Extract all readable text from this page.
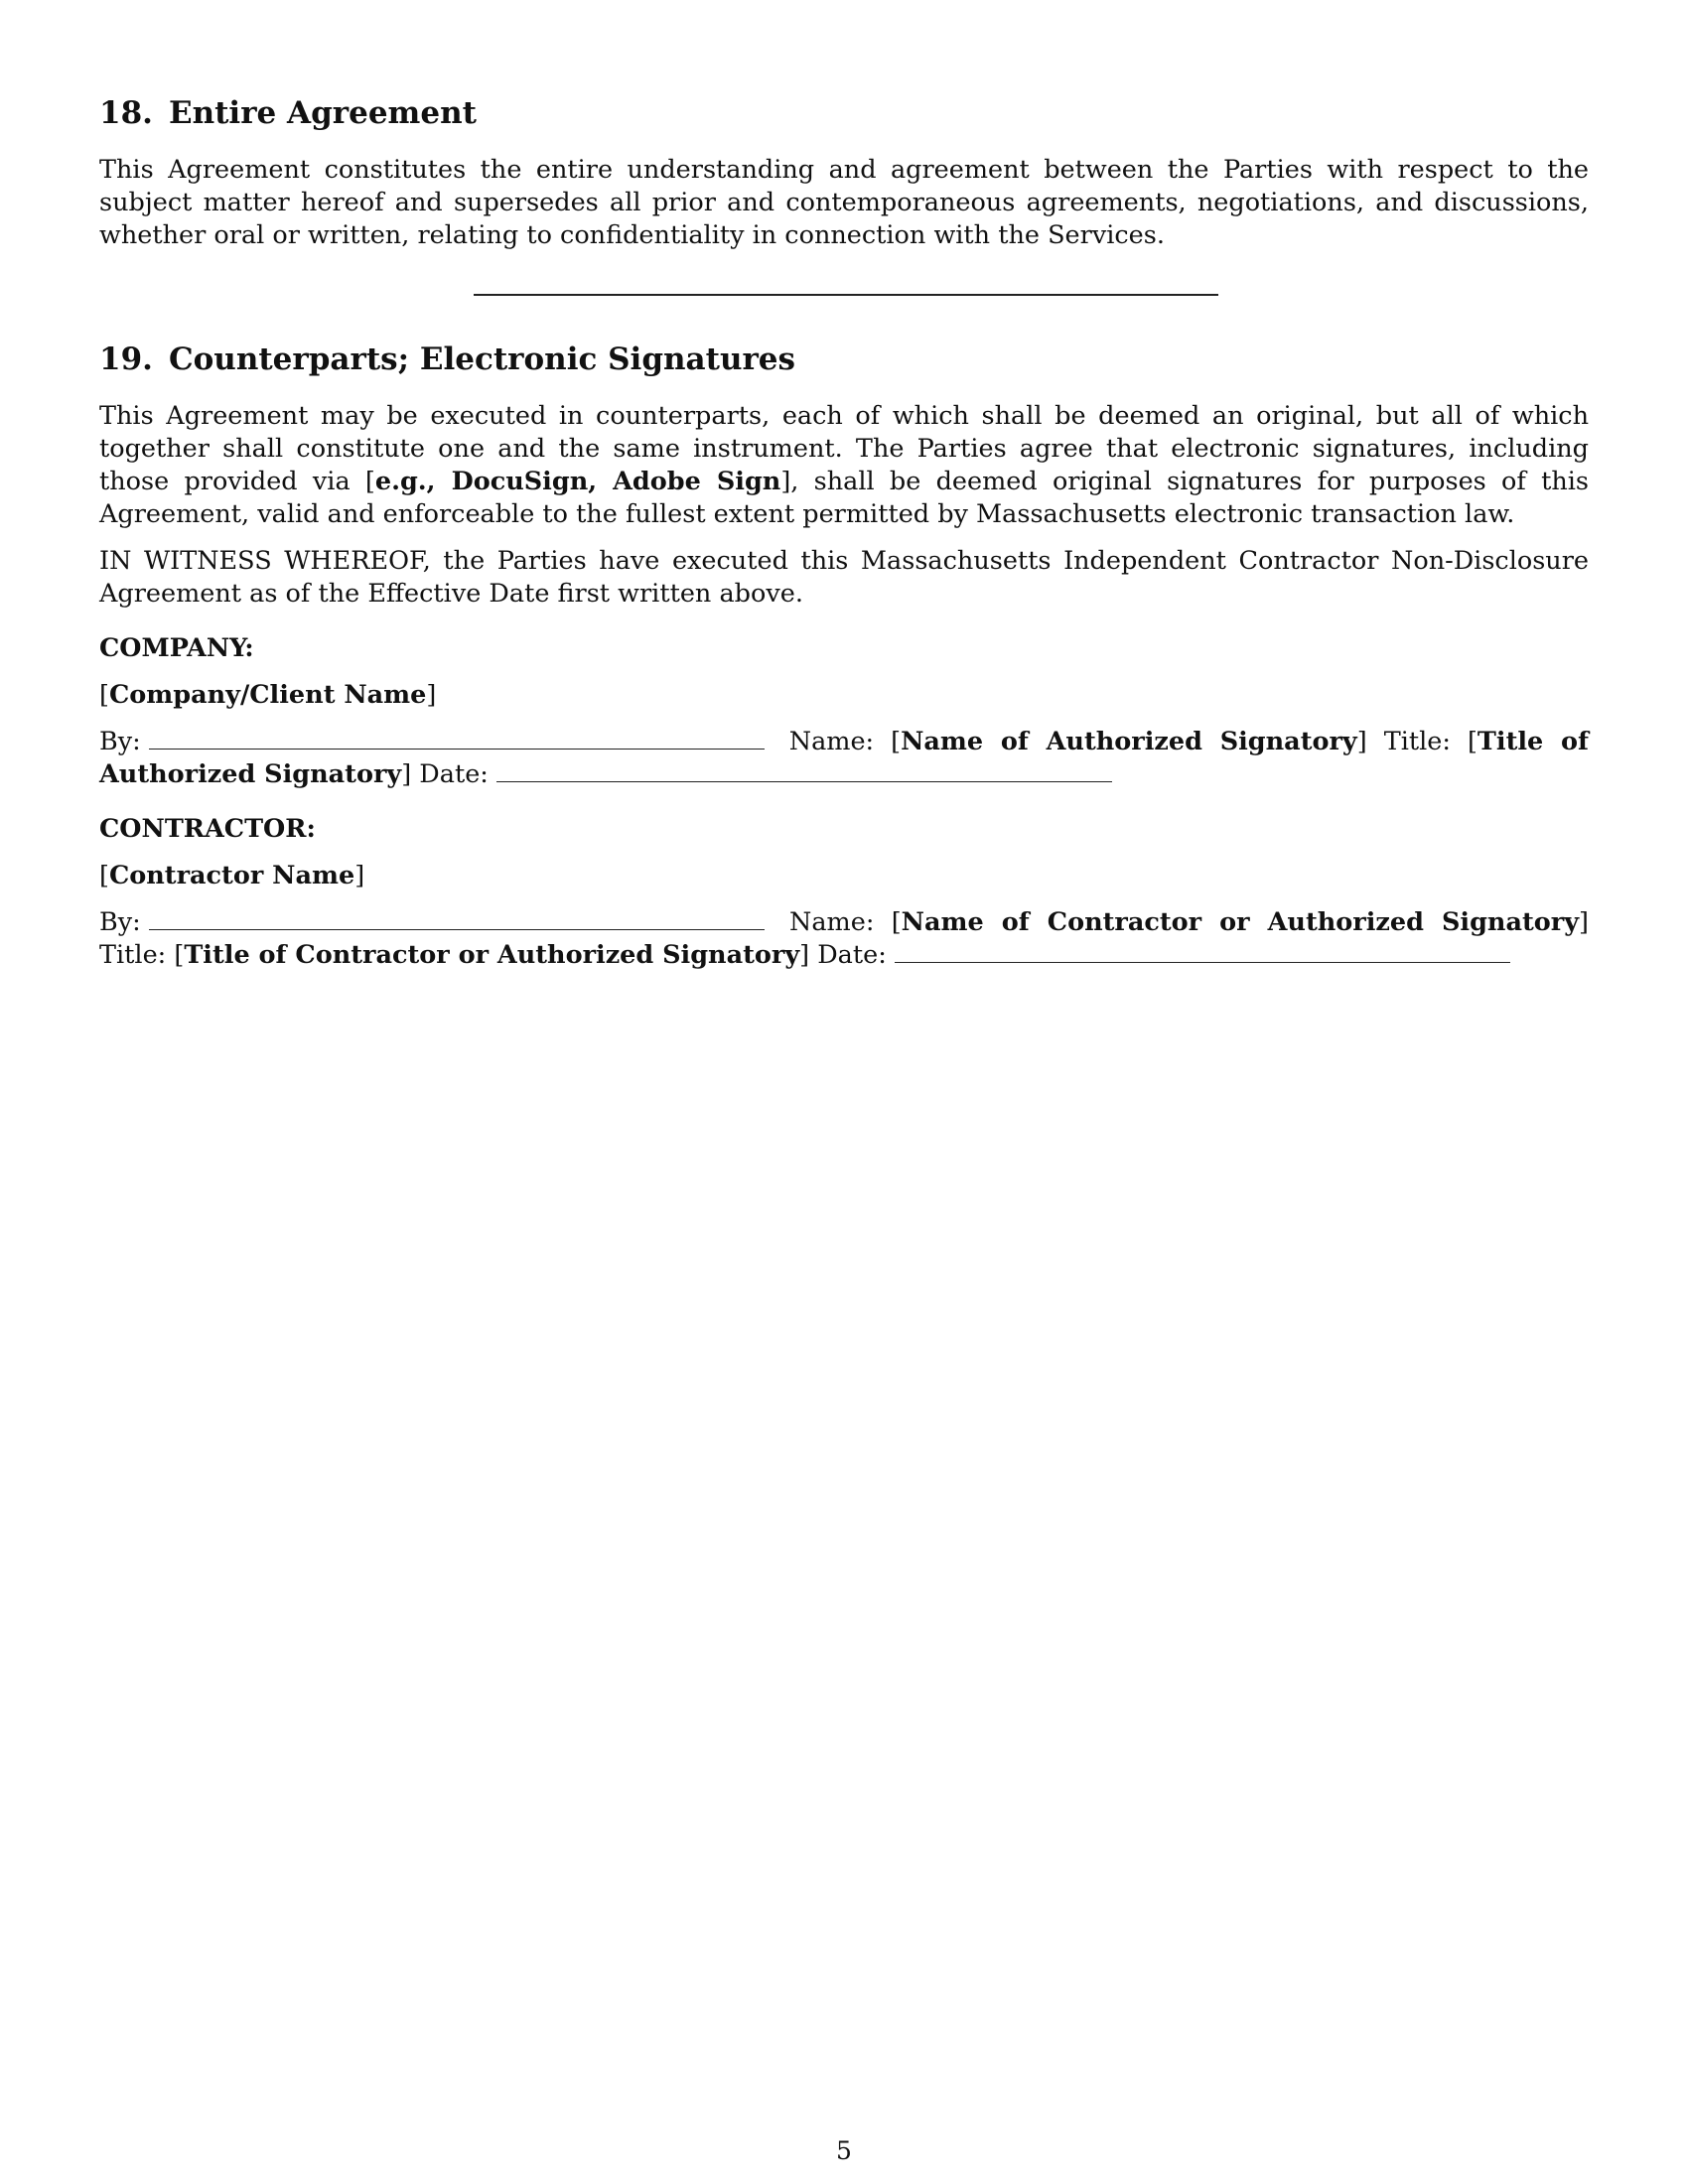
18. Entire Agreement

This Agreement constitutes the entire understanding and agreement between the Parties with respect to the subject matter hereof and supersedes all prior and contemporaneous agreements, negotiations, and discussions, whether oral or written, relating to confidentiality in connection with the Services.

19. Counterparts; Electronic Signatures

This Agreement may be executed in counterparts, each of which shall be deemed an original, but all of which together shall constitute one and the same instrument. The Parties agree that electronic signatures, including those provided via [e.g., DocuSign, Adobe Sign], shall be deemed original signatures for purposes of this Agreement, valid and enforceable to the fullest extent permitted by Massachusetts electronic transaction law.

IN WITNESS WHEREOF, the Parties have executed this Massachusetts Independent Contractor Non-Disclosure Agreement as of the Effective Date first written above.

COMPANY:
[Company/Client Name]
By:	Name: [Name of Authorized Signatory] Title: [Title of Authorized Signatory] Date:
CONTRACTOR:
[Contractor Name]
By:	Name: [Name of Contractor or Authorized Signatory] Title: [Title of Contractor or Authorized Signatory] Date:
5
